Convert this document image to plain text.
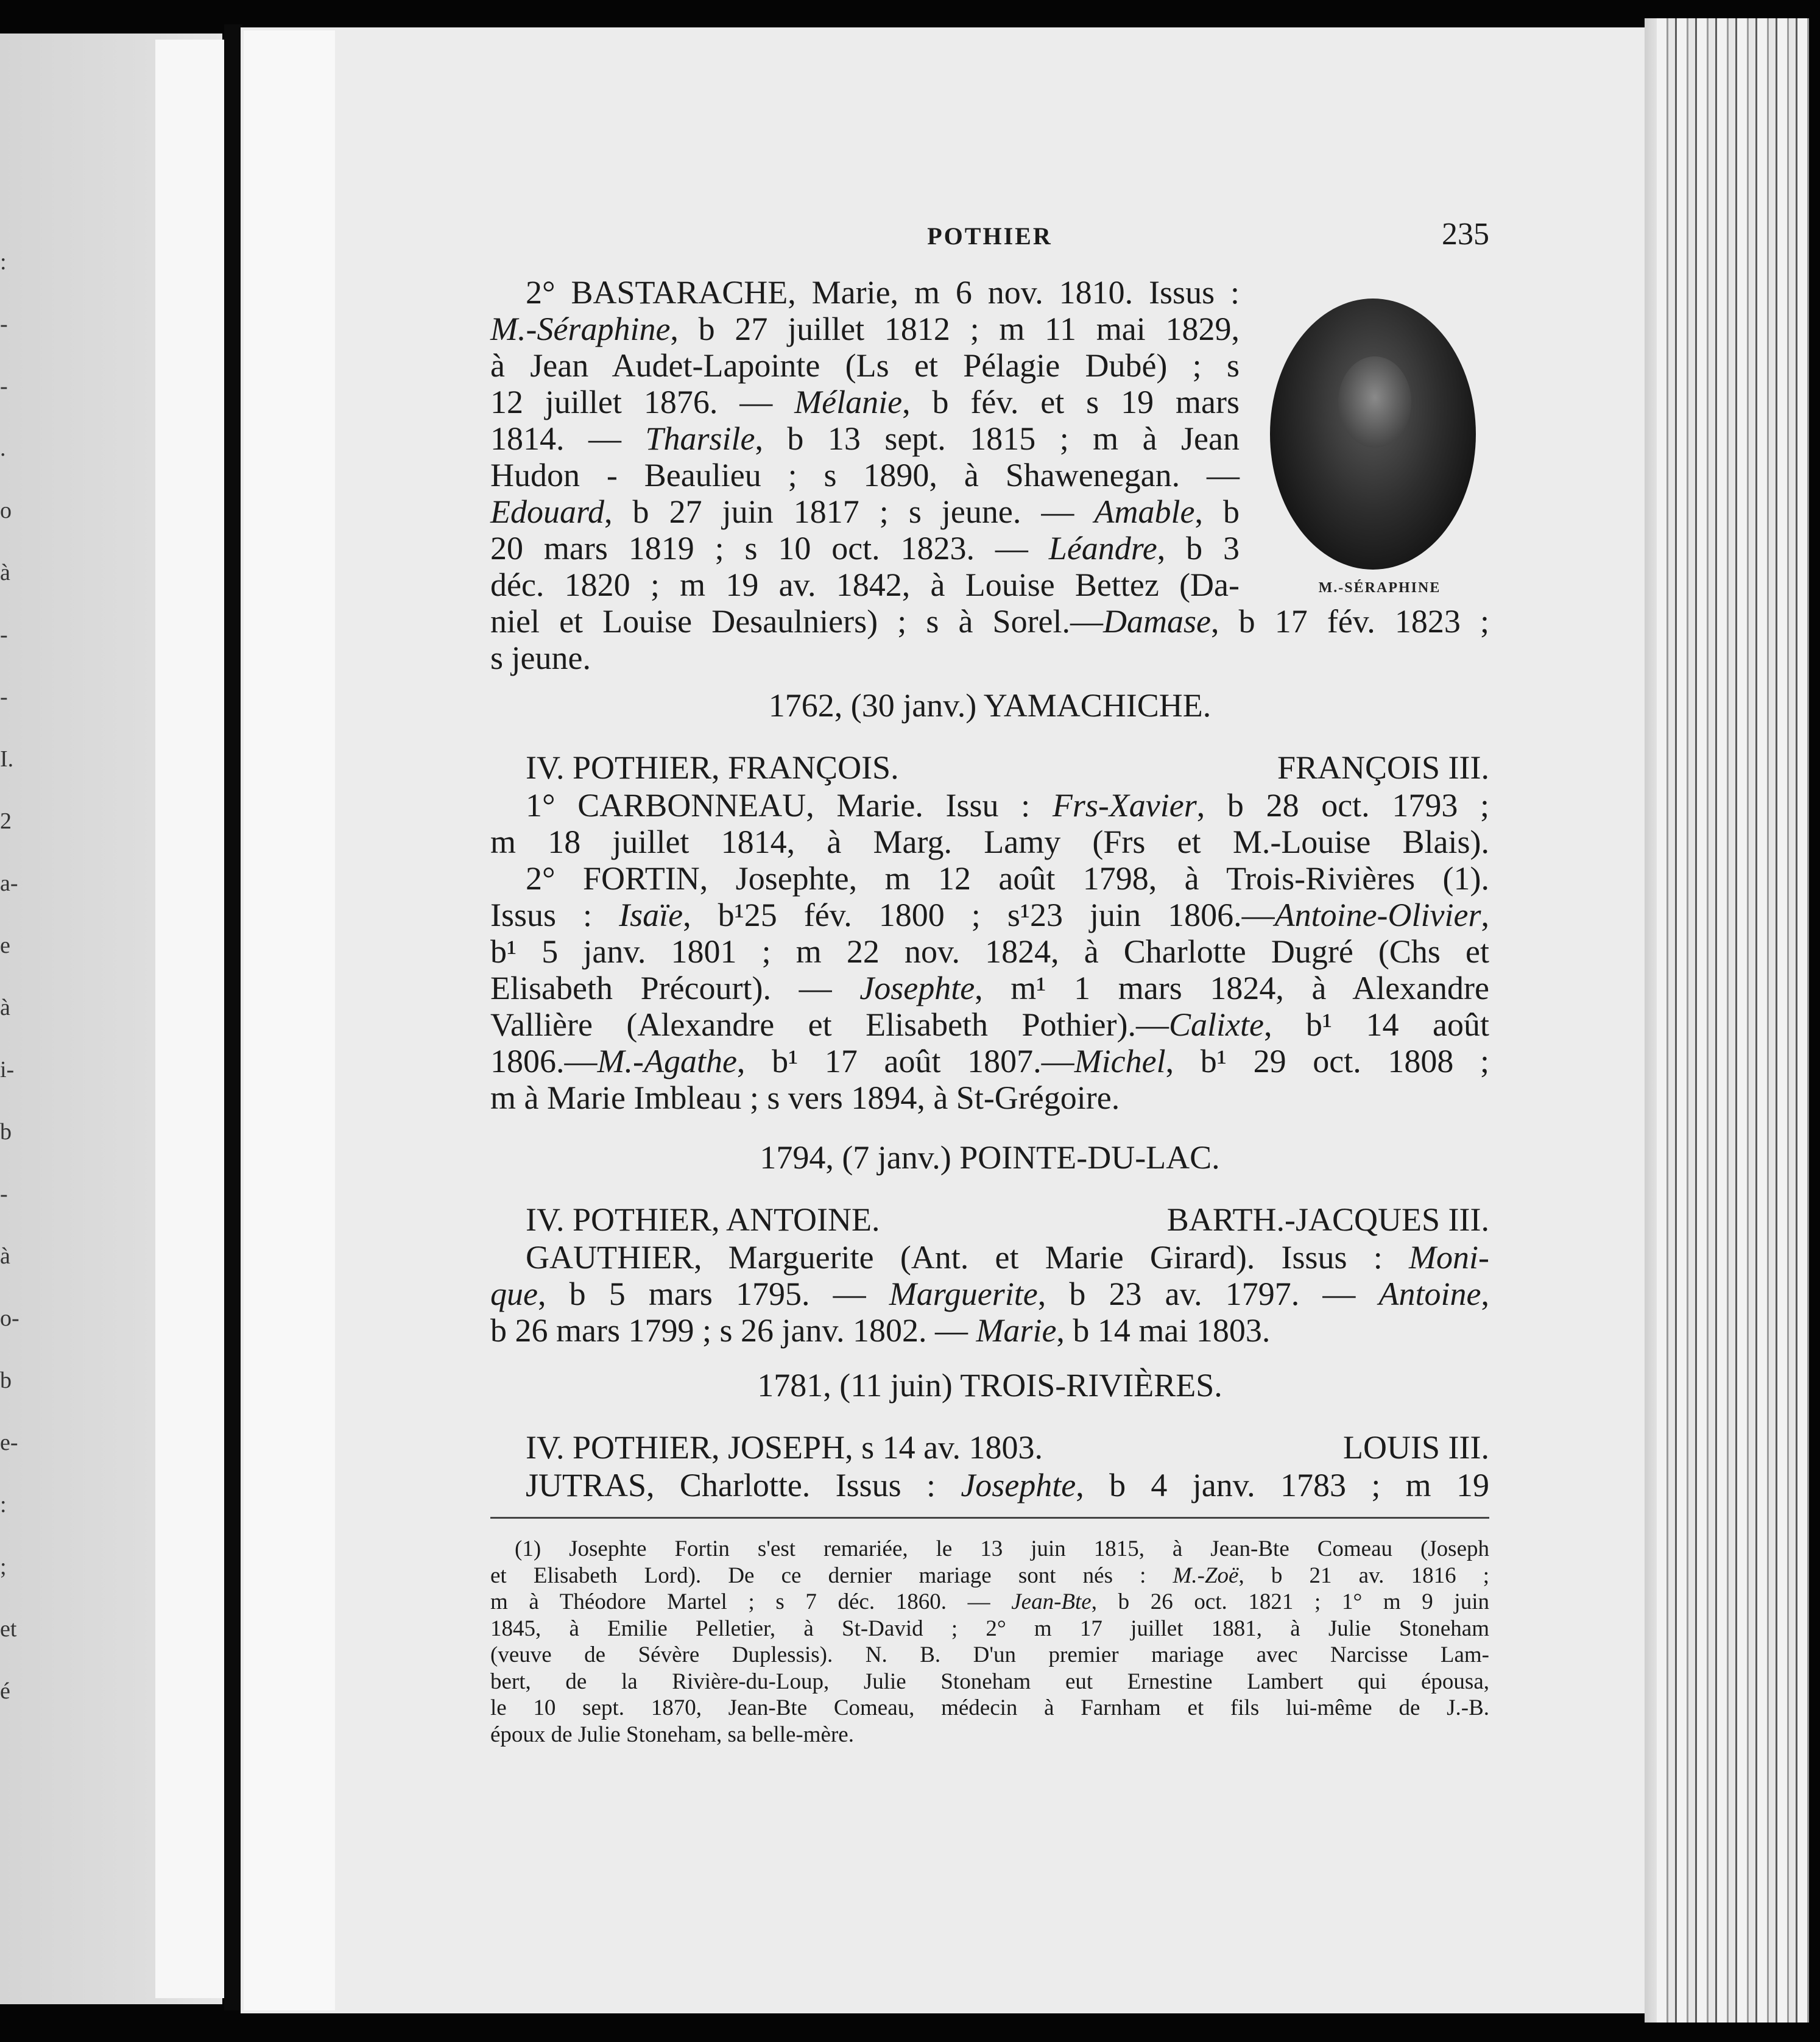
:
-
-
.
o
à
-
-
I.
2
a-
e
à
i-
b
-
à
o-
b
e-
:
;
et
é
M.-SÉRAPHINE
POTHIER	235
2° BASTARACHE, Marie, m 6 nov. 1810. Issus :
M.-Séraphine, b 27 juillet 1812 ; m 11 mai 1829,
à Jean Audet-Lapointe (Ls et Pélagie Dubé) ; s
12 juillet 1876. — Mélanie, b fév. et s 19 mars
1814. — Tharsile, b 13 sept. 1815 ; m à Jean
Hudon - Beaulieu ; s 1890, à Shawenegan. —
Edouard, b 27 juin 1817 ; s jeune. — Amable, b
20 mars 1819 ; s 10 oct. 1823. — Léandre, b 3
déc. 1820 ; m 19 av. 1842, à Louise Bettez (Da-
niel et Louise Desaulniers) ; s à Sorel.—Damase, b 17 fév. 1823 ;
s jeune.
1762, (30 janv.) YAMACHICHE.
IV. POTHIER, FRANÇOIS.	FRANÇOIS III.
1° CARBONNEAU, Marie. Issu : Frs-Xavier, b 28 oct. 1793 ;
m 18 juillet 1814, à Marg. Lamy (Frs et M.-Louise Blais).
2° FORTIN, Josephte, m 12 août 1798, à Trois-Rivières (1).
Issus : Isaïe, b¹25 fév. 1800 ; s¹23 juin 1806.—Antoine-Olivier,
b¹ 5 janv. 1801 ; m 22 nov. 1824, à Charlotte Dugré (Chs et
Elisabeth Précourt). — Josephte, m¹ 1 mars 1824, à Alexandre
Vallière (Alexandre et Elisabeth Pothier).—Calixte, b¹ 14 août
1806.—M.-Agathe, b¹ 17 août 1807.—Michel, b¹ 29 oct. 1808 ;
m à Marie Imbleau ; s vers 1894, à St-Grégoire.
1794, (7 janv.) POINTE-DU-LAC.
IV. POTHIER, ANTOINE.	BARTH.-JACQUES III.
GAUTHIER, Marguerite (Ant. et Marie Girard). Issus : Moni-
que, b 5 mars 1795. — Marguerite, b 23 av. 1797. — Antoine,
b 26 mars 1799 ; s 26 janv. 1802. — Marie, b 14 mai 1803.
1781, (11 juin) TROIS-RIVIÈRES.
IV. POTHIER, JOSEPH, s 14 av. 1803.	LOUIS III.
JUTRAS, Charlotte. Issus : Josephte, b 4 janv. 1783 ; m 19
(1) Josephte Fortin s'est remariée, le 13 juin 1815, à Jean-Bte Comeau (Joseph
et Elisabeth Lord). De ce dernier mariage sont nés : M.-Zoë, b 21 av. 1816 ;
m à Théodore Martel ; s 7 déc. 1860. — Jean-Bte, b 26 oct. 1821 ; 1° m 9 juin
1845, à Emilie Pelletier, à St-David ; 2° m 17 juillet 1881, à Julie Stoneham
(veuve de Sévère Duplessis). N. B. D'un premier mariage avec Narcisse Lam-
bert, de la Rivière-du-Loup, Julie Stoneham eut Ernestine Lambert qui épousa,
le 10 sept. 1870, Jean-Bte Comeau, médecin à Farnham et fils lui-même de J.-B.
époux de Julie Stoneham, sa belle-mère.
